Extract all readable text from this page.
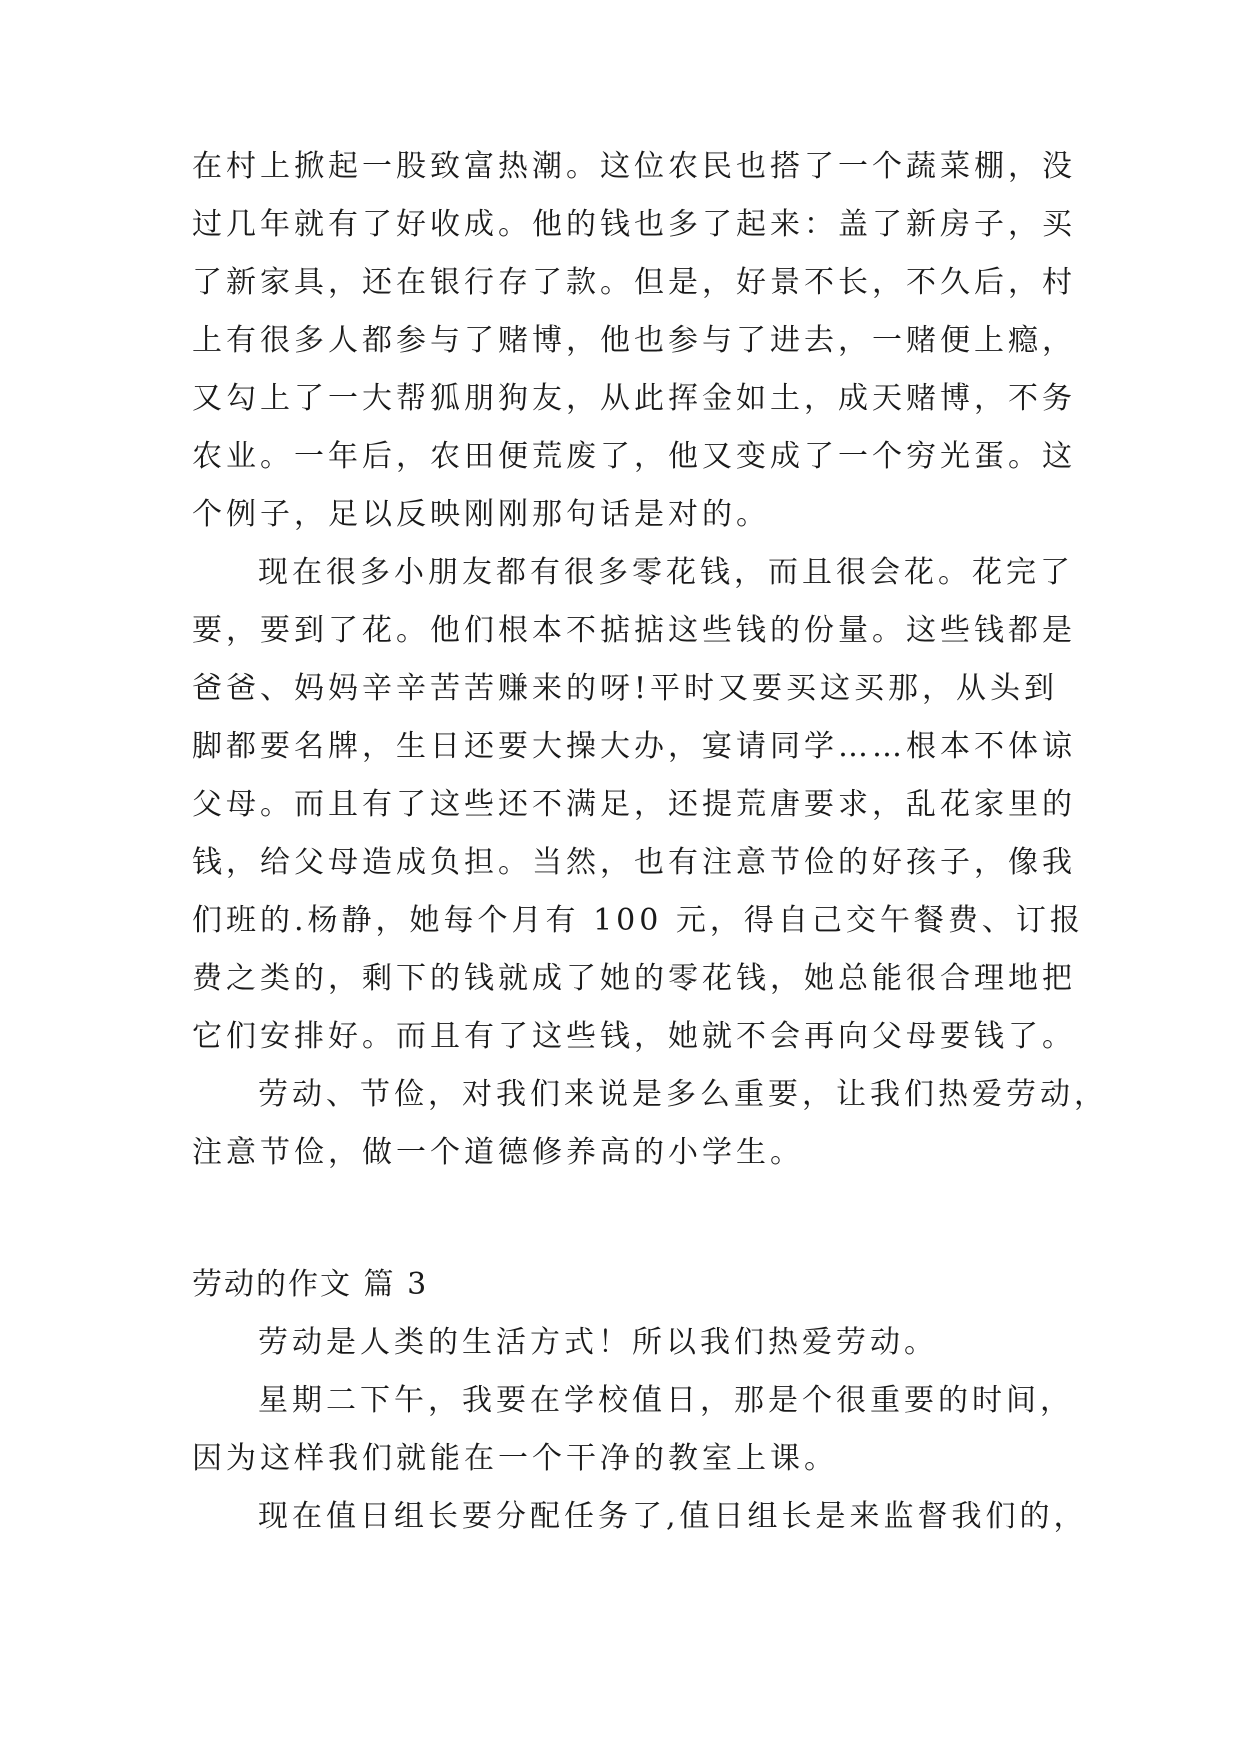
在村上掀起一股致富热潮。这位农民也搭了一个蔬菜棚，没
过几年就有了好收成。他的钱也多了起来：盖了新房子，买
了新家具，还在银行存了款。但是，好景不长，不久后，村
上有很多人都参与了赌博，他也参与了进去，一赌便上瘾，
又勾上了一大帮狐朋狗友，从此挥金如土，成天赌博，不务
农业。一年后，农田便荒废了，他又变成了一个穷光蛋。这
个例子，足以反映刚刚那句话是对的。
现在很多小朋友都有很多零花钱，而且很会花。花完了
要，要到了花。他们根本不掂掂这些钱的份量。这些钱都是
爸爸、妈妈辛辛苦苦赚来的呀!平时又要买这买那，从头到
脚都要名牌，生日还要大操大办，宴请同学……根本不体谅
父母。而且有了这些还不满足，还提荒唐要求，乱花家里的
钱，给父母造成负担。当然，也有注意节俭的好孩子，像我
们班的.杨静，她每个月有 100 元，得自己交午餐费、订报
费之类的，剩下的钱就成了她的零花钱，她总能很合理地把
它们安排好。而且有了这些钱，她就不会再向父母要钱了。
劳动、节俭，对我们来说是多么重要，让我们热爱劳动，
注意节俭，做一个道德修养高的小学生。
劳动的作文 篇 3
劳动是人类的生活方式！所以我们热爱劳动。
星期二下午，我要在学校值日，那是个很重要的时间，
因为这样我们就能在一个干净的教室上课。
现在值日组长要分配任务了,值日组长是来监督我们的，
